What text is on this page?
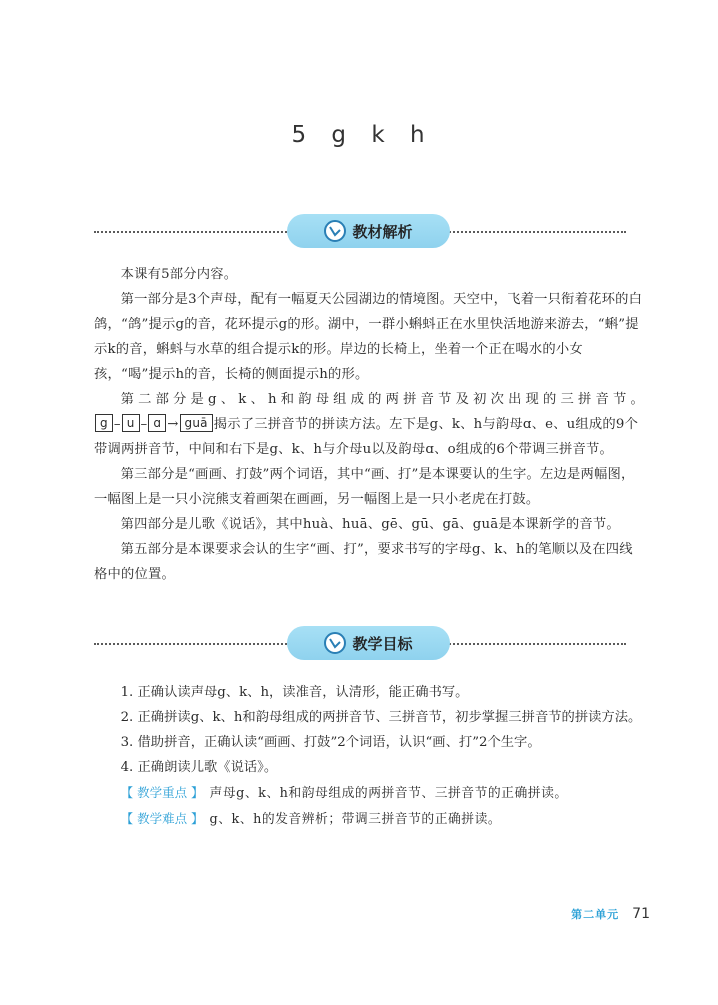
5 g k h
教材解析

本课有5部分内容。

第一部分是3个声母，配有一幅夏天公园湖边的情境图。天空中，飞着一只衔着花环的白鸽，“鸽”提示g的音，花环提示g的形。湖中，一群小蝌蚪正在水里快活地游来游去，“蝌”提示k的音，蝌蚪与水草的组合提示k的形。岸边的长椅上，坐着一个正在喝水的小女孩，“喝”提示h的音，长椅的侧面提示h的形。

第二部分是g、k、h和韵母组成的两拼音节及初次出现的三拼音节。

g – u – ɑ → guā 揭示了三拼音节的拼读方法。左下是g、k、h与韵母ɑ、e、u组成的9个带调两拼音节，中间和右下是g、k、h与介母u以及韵母ɑ、o组成的6个带调三拼音节。

第三部分是“画画、打鼓”两个词语，其中“画、打”是本课要认的生字。左边是两幅图，一幅图上是一只小浣熊支着画架在画画，另一幅图上是一只小老虎在打鼓。

第四部分是儿歌《说话》，其中huà、huā、gē、gū、gā、guā是本课新学的音节。

第五部分是本课要求会认的生字“画、打”，要求书写的字母g、k、h的笔顺以及在四线格中的位置。

教学目标

1. 正确认读声母g、k、h，读准音，认清形，能正确书写。

2. 正确拼读g、k、h和韵母组成的两拼音节、三拼音节，初步掌握三拼音节的拼读方法。

3. 借助拼音，正确认读“画画、打鼓”2个词语，认识“画、打”2个生字。

4. 正确朗读儿歌《说话》。

【 教学重点 】 声母g、k、h和韵母组成的两拼音节、三拼音节的正确拼读。

【 教学难点 】 g、k、h的发音辨析；带调三拼音节的正确拼读。

第二单元 71
